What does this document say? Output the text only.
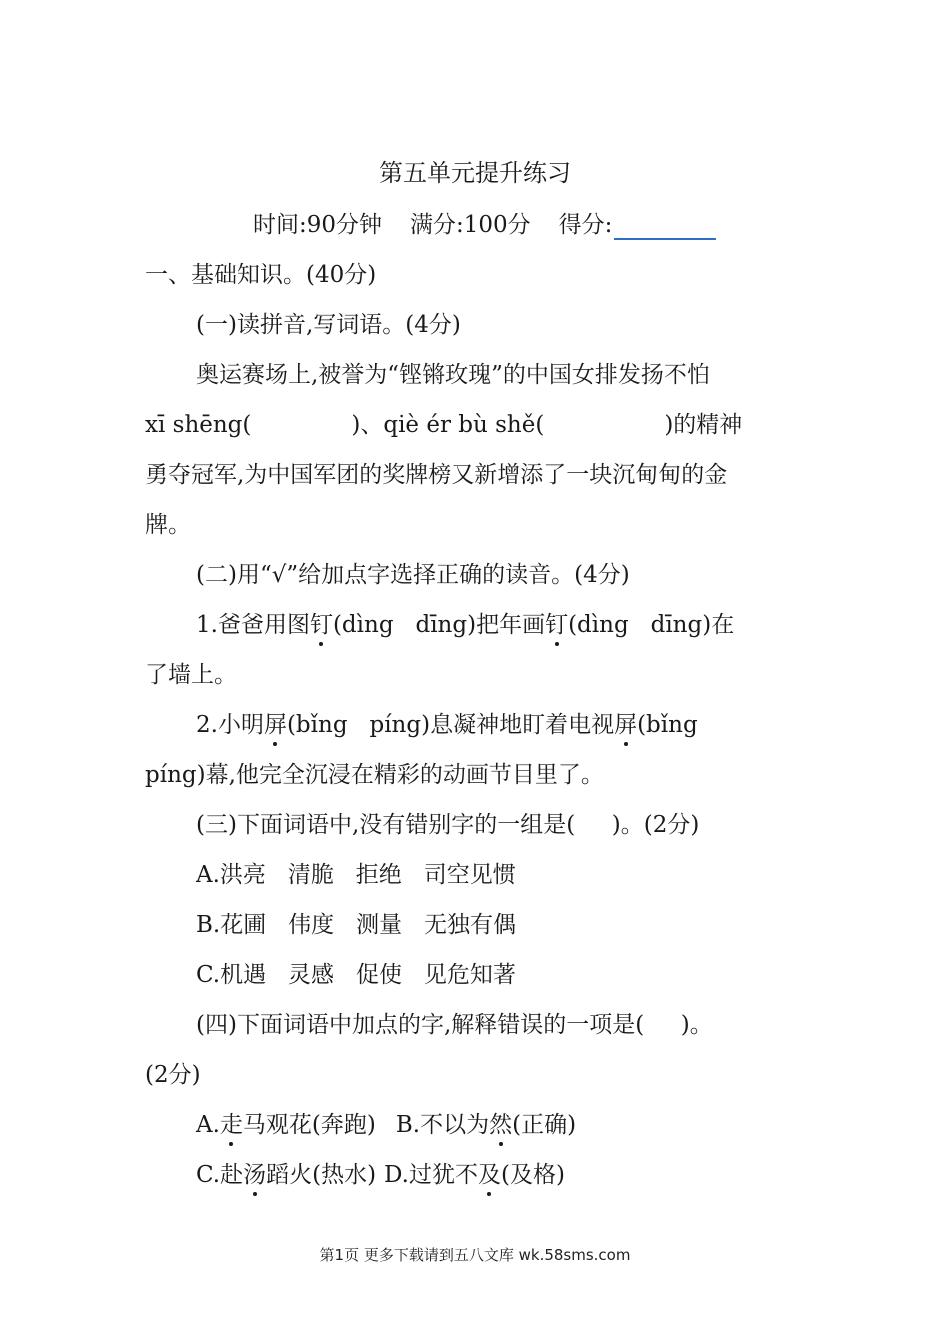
第五单元提升练习
时间:90分钟 满分:100分 得分:
一、基础知识。(40分)
(一)读拼音,写词语。(4分)
奥运赛场上,被誉为“铿锵玫瑰”的中国女排发扬不怕
xī shēng(	)、qiè ér bù shě(	)的精神
勇夺冠军,为中国军团的奖牌榜又新增添了一块沉甸甸的金
牌。
(二)用“√”给加点字选择正确的读音。(4分)
1.爸爸用图钉(dìng   dīng)把年画钉(dìng   dīng)在
了墙上。
2.小明屏(bǐng   píng)息凝神地盯着电视屏(bǐng
píng)幕,他完全沉浸在精彩的动画节目里了。
(三)下面词语中,没有错别字的一组是(     )。(2分)
A.洪亮   清脆   拒绝   司空见惯
B.花圃   伟度   测量   无独有偶
C.机遇   灵感   促使   见危知著
(四)下面词语中加点的字,解释错误的一项是(     )。
(2分)
A.走马观花(奔跑) B.不以为然(正确)
C.赴汤蹈火(热水) D.过犹不及(及格)
第1页 更多下载请到五八文库 wk.58sms.com
